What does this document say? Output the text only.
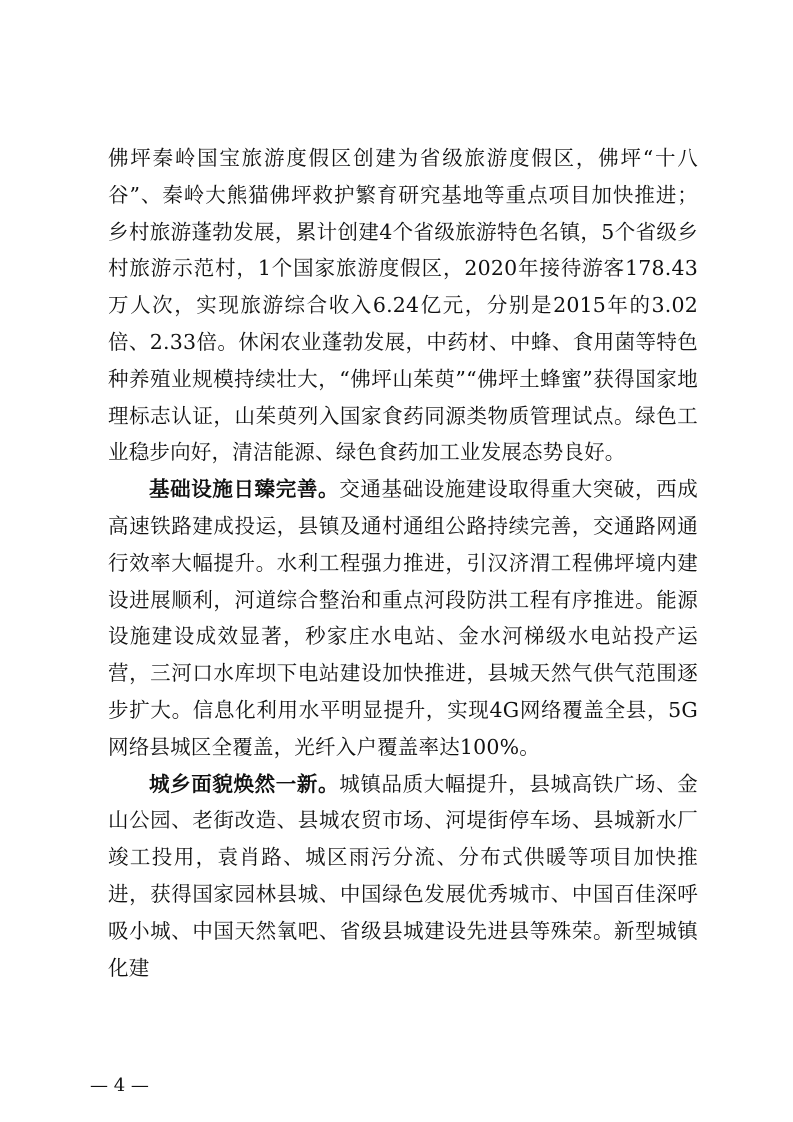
佛坪秦岭国宝旅游度假区创建为省级旅游度假区，佛坪“十八谷”、秦岭大熊猫佛坪救护繁育研究基地等重点项目加快推进；乡村旅游蓬勃发展，累计创建4个省级旅游特色名镇，5个省级乡村旅游示范村，1个国家旅游度假区，2020年接待游客178.43万人次，实现旅游综合收入6.24亿元，分别是2015年的3.02倍、2.33倍。休闲农业蓬勃发展，中药材、中蜂、食用菌等特色种养殖业规模持续壮大，“佛坪山茱萸”“佛坪土蜂蜜”获得国家地理标志认证，山茱萸列入国家食药同源类物质管理试点。绿色工业稳步向好，清洁能源、绿色食药加工业发展态势良好。

基础设施日臻完善。交通基础设施建设取得重大突破，西成高速铁路建成投运，县镇及通村通组公路持续完善，交通路网通行效率大幅提升。水利工程强力推进，引汉济渭工程佛坪境内建设进展顺利，河道综合整治和重点河段防洪工程有序推进。能源设施建设成效显著，秒家庄水电站、金水河梯级水电站投产运营，三河口水库坝下电站建设加快推进，县城天然气供气范围逐步扩大。信息化利用水平明显提升，实现4G网络覆盖全县，5G网络县城区全覆盖，光纤入户覆盖率达100%。

城乡面貌焕然一新。城镇品质大幅提升，县城高铁广场、金山公园、老街改造、县城农贸市场、河堤街停车场、县城新水厂竣工投用，袁肖路、城区雨污分流、分布式供暖等项目加快推进，获得国家园林县城、中国绿色发展优秀城市、中国百佳深呼吸小城、中国天然氧吧、省级县城建设先进县等殊荣。新型城镇化建

— 4 —
